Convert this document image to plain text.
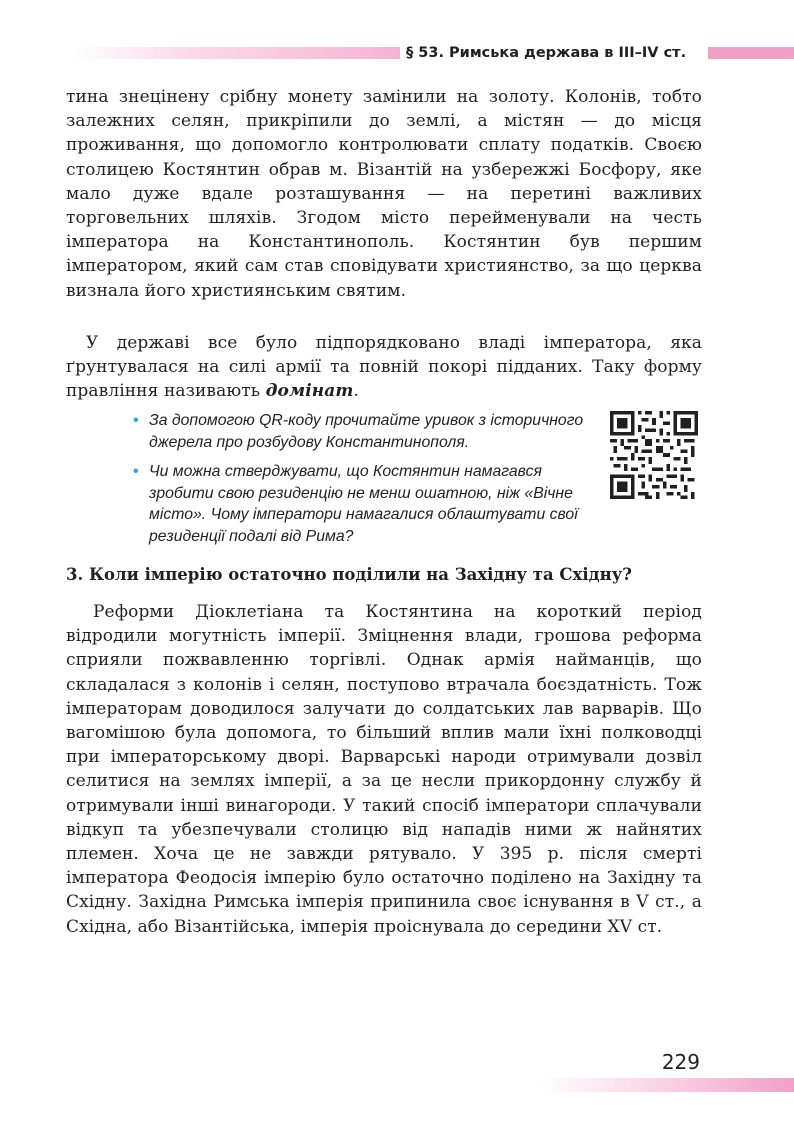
§ 53. Римська держава в III–IV ст.

тина знецінену срібну монету замінили на золоту. Колонів, тобто залежних селян, прикріпили до землі, а містян — до місця проживання, що допомогло контролювати сплату податків. Своєю столицею Костянтин обрав м. Візантій на узбережжі Босфору, яке мало дуже вдале розташування — на перетині важливих торговельних шляхів. Згодом місто перейменували на честь імператора на Константинополь. Костянтин був першим імператором, який сам став сповідувати християнство, за що церква визнала його християнським святим.

У державі все було підпорядковано владі імператора, яка ґрунтувалася на силі армії та повній покорі підданих. Таку форму правління називають домінат.

• За допомогою QR-коду прочитайте уривок з історичного джерела про розбудову Константинополя.
• Чи можна стверджувати, що Костянтин намагався зробити свою резиденцію не менш ошатною, ніж «Вічне місто». Чому імператори намагалися облаштувати свої резиденції подалі від Рима?
3. Коли імперію остаточно поділили на Західну та Східну?

Реформи Діоклетіана та Костянтина на короткий період відродили могутність імперії. Зміцнення влади, грошова реформа сприяли пожвавленню торгівлі. Однак армія найманців, що складалася з колонів і селян, поступово втрачала боєздатність. Тож імператорам доводилося залучати до солдатських лав варварів. Що вагомішою була допомога, то більший вплив мали їхні полководці при імператорському дворі. Варварські народи отримували дозвіл селитися на землях імперії, а за це несли прикордонну службу й отримували інші винагороди. У такий спосіб імператори сплачували відкуп та убезпечували столицю від нападів ними ж найнятих племен. Хоча це не завжди рятувало. У 395 р. після смерті імператора Феодосія імперію було остаточно поділено на Західну та Східну. Західна Римська імперія припинила своє існування в V ст., а Східна, або Візантійська, імперія проіснувала до середини XV ст.

229
